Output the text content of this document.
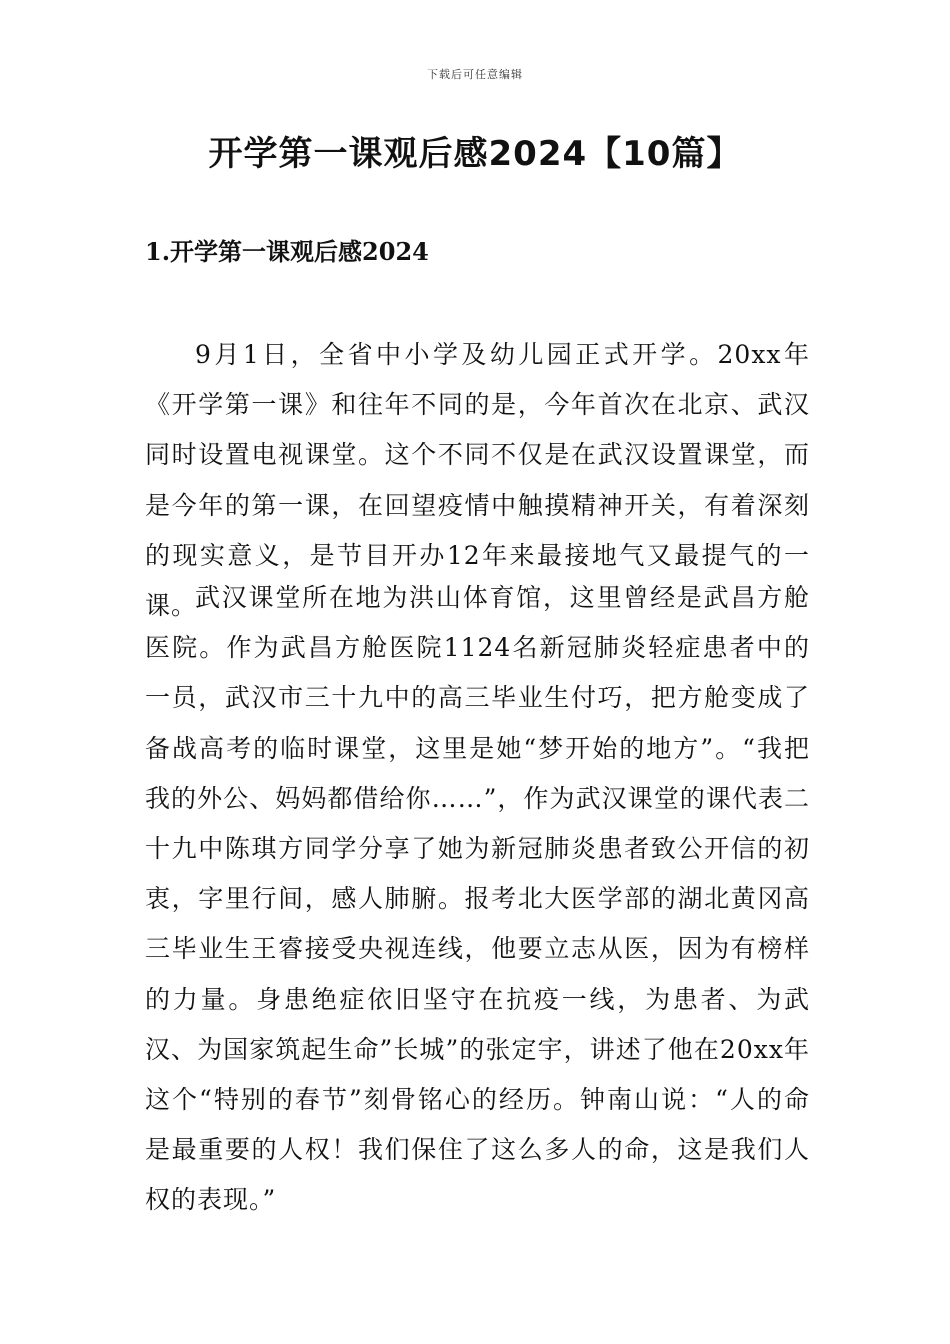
下载后可任意编辑
开学第一课观后感2024【10篇】
1.开学第一课观后感2024

9月1日，全省中小学及幼儿园正式开学。20xx年《开学第一课》和往年不同的是，今年首次在北京、武汉同时设置电视课堂。这个不同不仅是在武汉设置课堂，而是今年的第一课，在回望疫情中触摸精神开关，有着深刻的现实意义，是节目开办12年来最接地气又最提气的一课。

武汉课堂所在地为洪山体育馆，这里曾经是武昌方舱医院。作为武昌方舱医院1124名新冠肺炎轻症患者中的一员，武汉市三十九中的高三毕业生付巧，把方舱变成了备战高考的临时课堂，这里是她“梦开始的地方”。“我把我的外公、妈妈都借给你……”，作为武汉课堂的课代表二十九中陈琪方同学分享了她为新冠肺炎患者致公开信的初衷，字里行间，感人肺腑。报考北大医学部的湖北黄冈高三毕业生王睿接受央视连线，他要立志从医，因为有榜样的力量。身患绝症依旧坚守在抗疫一线，为患者、为武汉、为国家筑起生命”长城”的张定宇，讲述了他在20xx年这个“特别的春节”刻骨铭心的经历。钟南山说：“人的命是最重要的人权！我们保住了这么多人的命，这是我们人权的表现。”
